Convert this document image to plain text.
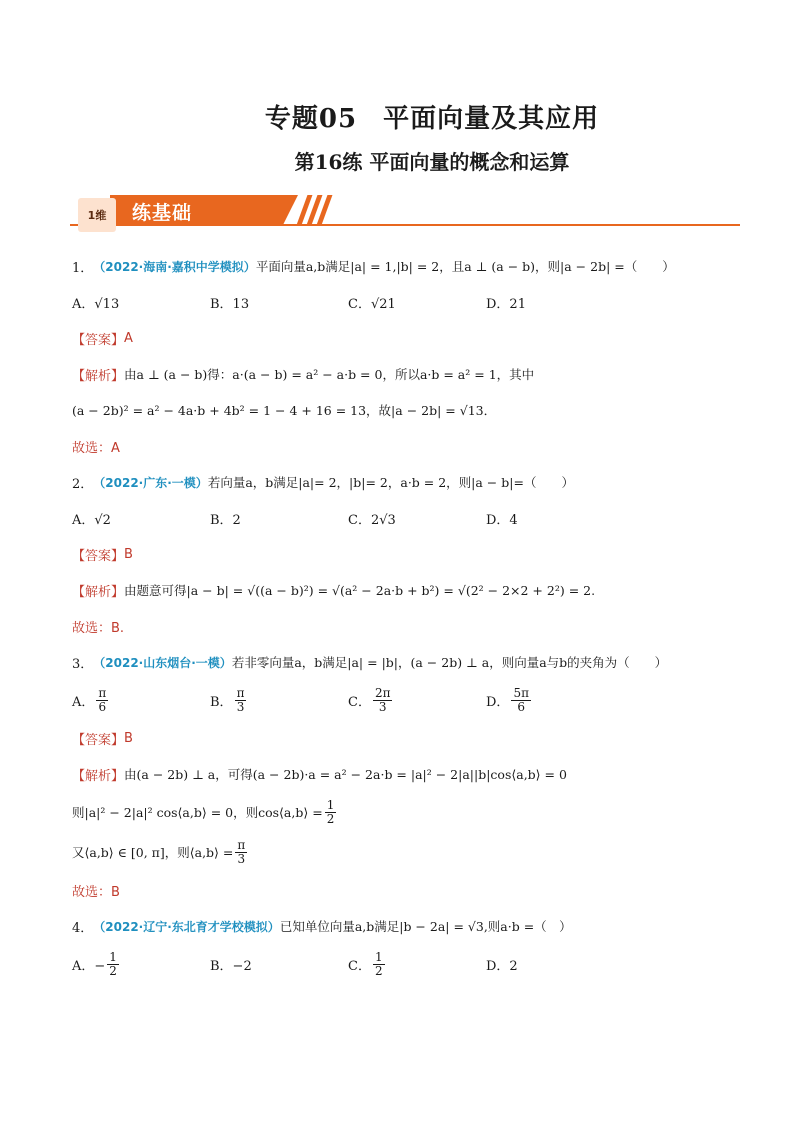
专题05 平面向量及其应用
第16练 平面向量的概念和运算
1维	练基础
1． （2022·海南·嘉积中学模拟） 平面向量a,b满足|a| = 1,|b| = 2，且a ⊥ (a − b)，则|a − 2b| =（　　）
A．√13	B．13	C．√21	D．21
【答案】 A
【解析】 由a ⊥ (a − b)得：a·(a − b) = a² − a·b = 0，所以a·b = a² = 1，其中
(a − 2b)² = a² − 4a·b + 4b² = 1 − 4 + 16 = 13，故|a − 2b| = √13．
故选：A
2． （2022·广东·一模） 若向量a，b满足|a|= 2，|b|= 2，a·b = 2，则|a − b|=（　　）
A．√2	B．2	C．2√3	D．4
【答案】 B
【解析】 由题意可得|a − b| = √((a − b)²) = √(a² − 2a·b + b²) = √(2² − 2×2 + 2²) = 2.
故选：B.
3． （2022·山东烟台·一模） 若非零向量a，b满足|a| = |b|，(a − 2b) ⊥ a，则向量a与b的夹角为（　　）
A． $\frac{\pi}{6}$	B． $\frac{\pi}{3}$	C． $\frac{2\pi}{3}$	D． $\frac{5\pi}{6}$
【答案】 B
【解析】 由(a − 2b) ⊥ a，可得(a − 2b)·a = a² − 2a·b = |a|² − 2|a||b|cos⟨a,b⟩ = 0
则|a|² − 2|a|² cos⟨a,b⟩ = 0，则cos⟨a,b⟩ = $\frac{1}{2}$
又⟨a,b⟩ ∈ [0, π]，则⟨a,b⟩ = $\frac{\pi}{3}$
故选：B
4． （2022·辽宁·东北育才学校模拟） 已知单位向量a,b满足|b − 2a| = √3,则a·b =（　）
A．− $\frac{1}{2}$	B．−2	C． $\frac{1}{2}$	D．2
